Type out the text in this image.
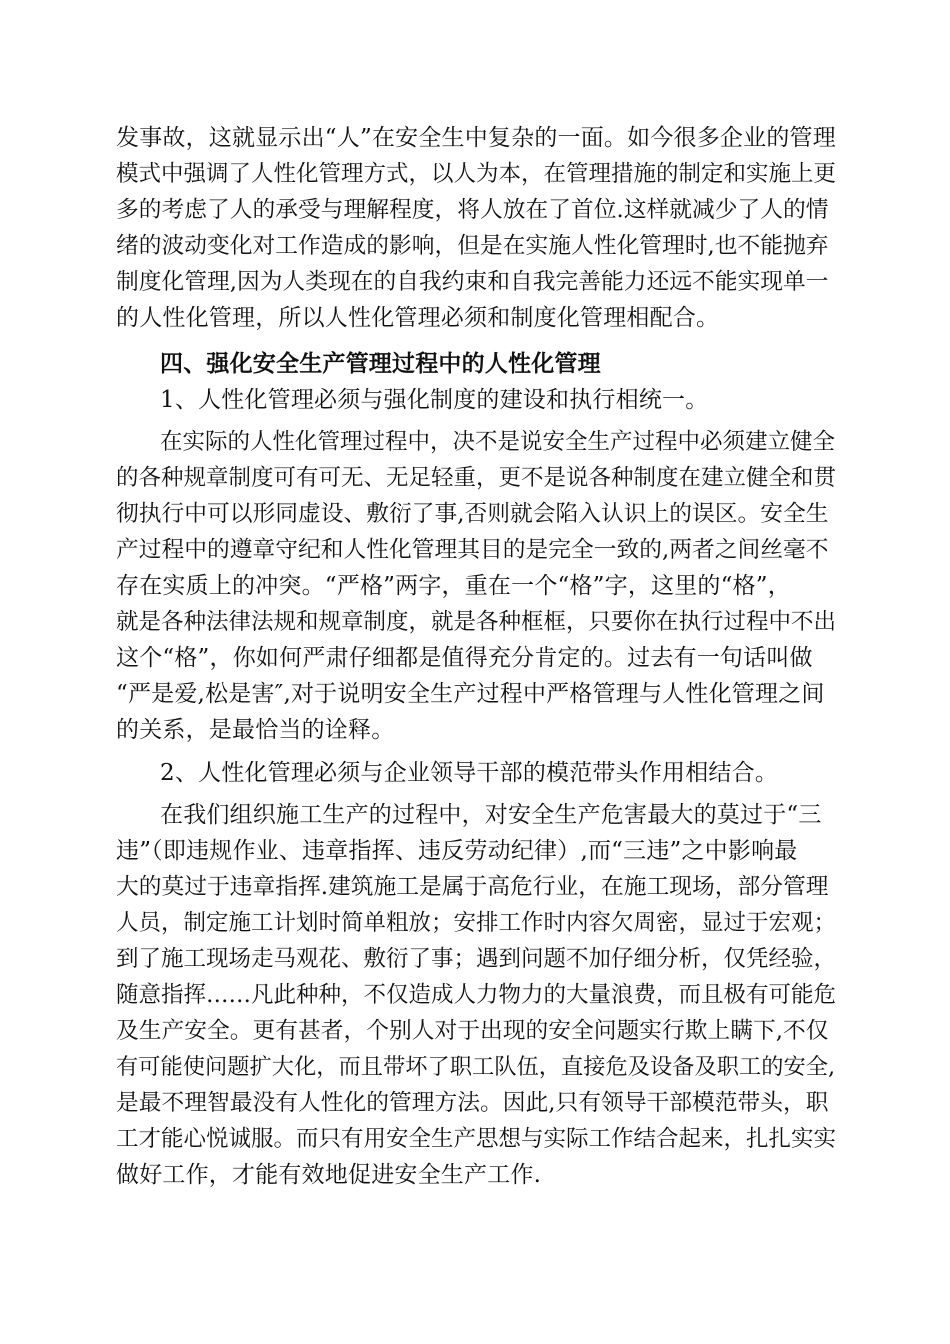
发事故，这就显示出“人”在安全生中复杂的一面。如今很多企业的管理
模式中强调了人性化管理方式，以人为本，在管理措施的制定和实施上更
多的考虑了人的承受与理解程度，将人放在了首位.这样就减少了人的情
绪的波动变化对工作造成的影响，但是在实施人性化管理时,也不能抛弃
制度化管理,因为人类现在的自我约束和自我完善能力还远不能实现单一
的人性化管理，所以人性化管理必须和制度化管理相配合。
四、强化安全生产管理过程中的人性化管理
1、人性化管理必须与强化制度的建设和执行相统一。
在实际的人性化管理过程中，决不是说安全生产过程中必须建立健全
的各种规章制度可有可无、无足轻重，更不是说各种制度在建立健全和贯
彻执行中可以形同虚设、敷衍了事,否则就会陷入认识上的误区。安全生
产过程中的遵章守纪和人性化管理其目的是完全一致的,两者之间丝毫不
存在实质上的冲突。“严格”两字，重在一个“格”字，这里的“格”，
就是各种法律法规和规章制度，就是各种框框，只要你在执行过程中不出
这个“格”，你如何严肃仔细都是值得充分肯定的。过去有一句话叫做
“严是爱,松是害″,对于说明安全生产过程中严格管理与人性化管理之间
的关系，是最恰当的诠释。
2、人性化管理必须与企业领导干部的模范带头作用相结合。
在我们组织施工生产的过程中，对安全生产危害最大的莫过于“三
违”（即违规作业、违章指挥、违反劳动纪律）,而“三违”之中影响最
大的莫过于违章指挥.建筑施工是属于高危行业，在施工现场，部分管理
人员，制定施工计划时简单粗放；安排工作时内容欠周密，显过于宏观；
到了施工现场走马观花、敷衍了事；遇到问题不加仔细分析，仅凭经验，
随意指挥……凡此种种，不仅造成人力物力的大量浪费，而且极有可能危
及生产安全。更有甚者，个别人对于出现的安全问题实行欺上瞒下,不仅
有可能使问题扩大化，而且带坏了职工队伍，直接危及设备及职工的安全,
是最不理智最没有人性化的管理方法。因此,只有领导干部模范带头，职
工才能心悦诚服。而只有用安全生产思想与实际工作结合起来，扎扎实实
做好工作，才能有效地促进安全生产工作.
